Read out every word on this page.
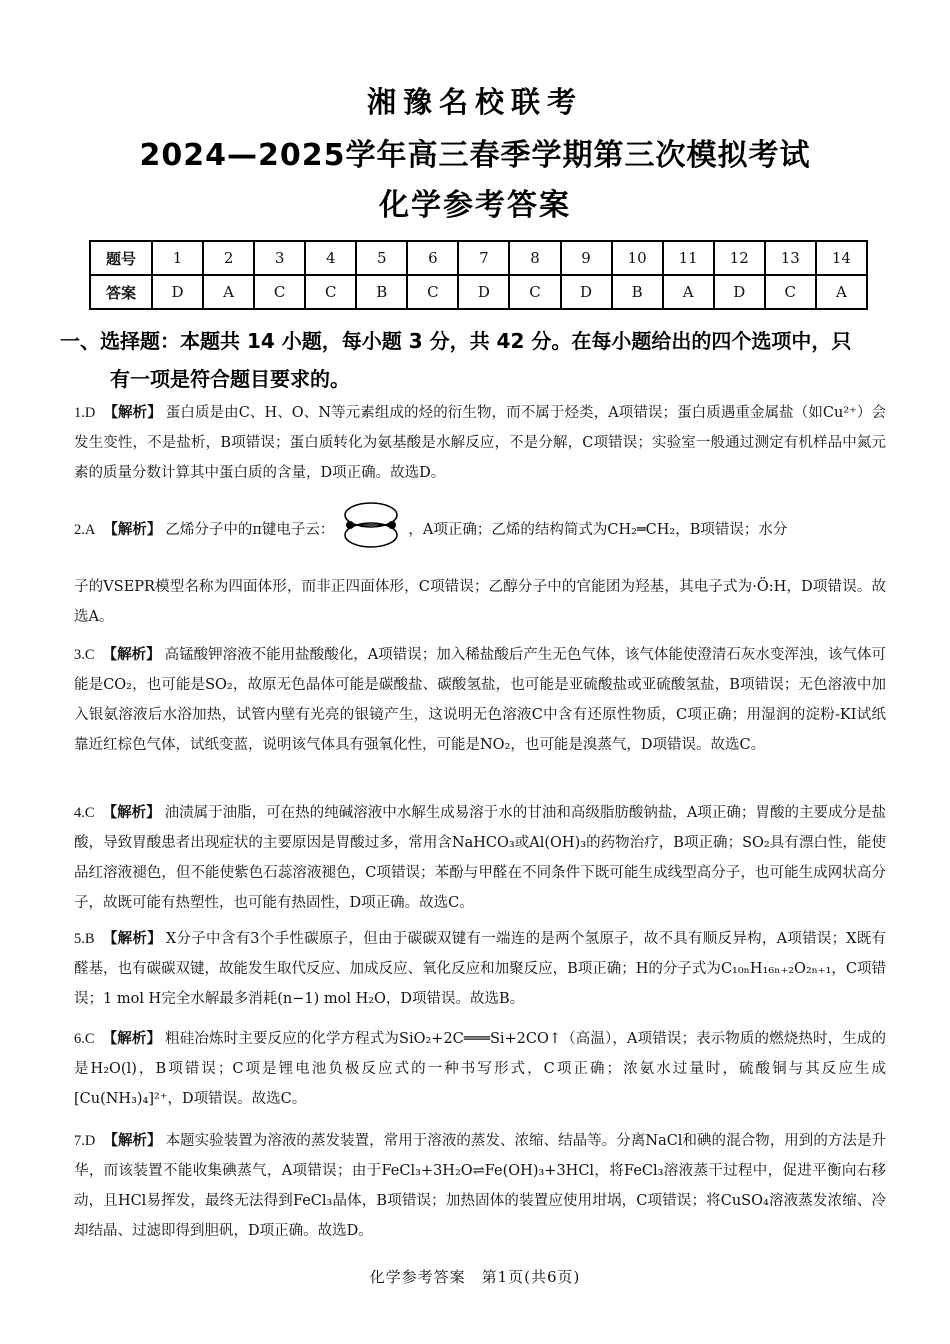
湘豫名校联考
2024—2025学年高三春季学期第三次模拟考试
化学参考答案
题号	1	2	3	4	5	6	7	8	9	10	11	12	13	14
答案	D	A	C	C	B	C	D	C	D	B	A	D	C	A
一、选择题：本题共 14 小题，每小题 3 分，共 42 分。在每小题给出的四个选项中，只
有一项是符合题目要求的。
1.D 【解析】 蛋白质是由C、H、O、N等元素组成的烃的衍生物，而不属于烃类，A项错误；蛋白质遇重金属盐（如Cu²⁺）会发生变性，不是盐析，B项错误；蛋白质转化为氨基酸是水解反应，不是分解，C项错误；实验室一般通过测定有机样品中氮元素的质量分数计算其中蛋白质的含量，D项正确。故选D。
2.A 【解析】 乙烯分子中的π键电子云：	，A项正确；乙烯的结构简式为CH₂═CH₂，B项错误；水分
子的VSEPR模型名称为四面体形，而非正四面体形，C项错误；乙醇分子中的官能团为羟基，其电子式为·Ö:H，D项错误。故选A。
3.C 【解析】 高锰酸钾溶液不能用盐酸酸化，A项错误；加入稀盐酸后产生无色气体，该气体能使澄清石灰水变浑浊，该气体可能是CO₂，也可能是SO₂，故原无色晶体可能是碳酸盐、碳酸氢盐，也可能是亚硫酸盐或亚硫酸氢盐，B项错误；无色溶液中加入银氨溶液后水浴加热，试管内壁有光亮的银镜产生，这说明无色溶液C中含有还原性物质，C项正确；用湿润的淀粉-KI试纸靠近红棕色气体，试纸变蓝，说明该气体具有强氧化性，可能是NO₂，也可能是溴蒸气，D项错误。故选C。
4.C 【解析】 油渍属于油脂，可在热的纯碱溶液中水解生成易溶于水的甘油和高级脂肪酸钠盐，A项正确；胃酸的主要成分是盐酸，导致胃酸患者出现症状的主要原因是胃酸过多，常用含NaHCO₃或Al(OH)₃的药物治疗，B项正确；SO₂具有漂白性，能使品红溶液褪色，但不能使紫色石蕊溶液褪色，C项错误；苯酚与甲醛在不同条件下既可能生成线型高分子，也可能生成网状高分子，故既可能有热塑性，也可能有热固性，D项正确。故选C。
5.B 【解析】 X分子中含有3个手性碳原子，但由于碳碳双键有一端连的是两个氢原子，故不具有顺反异构，A项错误；X既有醛基，也有碳碳双键，故能发生取代反应、加成反应、氧化反应和加聚反应，B项正确；H的分子式为C₁₀ₙH₁₆ₙ₊₂O₂ₙ₊₁，C项错误；1 mol H完全水解最多消耗(n−1) mol H₂O，D项错误。故选B。
6.C 【解析】 粗硅冶炼时主要反应的化学方程式为SiO₂+2C═══Si+2CO↑（高温），A项错误；表示物质的燃烧热时，生成的是H₂O(l)，B项错误；C项是锂电池负极反应式的一种书写形式，C项正确；浓氨水过量时，硫酸铜与其反应生成[Cu(NH₃)₄]²⁺，D项错误。故选C。
7.D 【解析】 本题实验装置为溶液的蒸发装置，常用于溶液的蒸发、浓缩、结晶等。分离NaCl和碘的混合物，用到的方法是升华，而该装置不能收集碘蒸气，A项错误；由于FeCl₃+3H₂O⇌Fe(OH)₃+3HCl，将FeCl₃溶液蒸干过程中，促进平衡向右移动，且HCl易挥发，最终无法得到FeCl₃晶体，B项错误；加热固体的装置应使用坩埚，C项错误；将CuSO₄溶液蒸发浓缩、冷却结晶、过滤即得到胆矾，D项正确。故选D。
化学参考答案　第1页(共6页)
